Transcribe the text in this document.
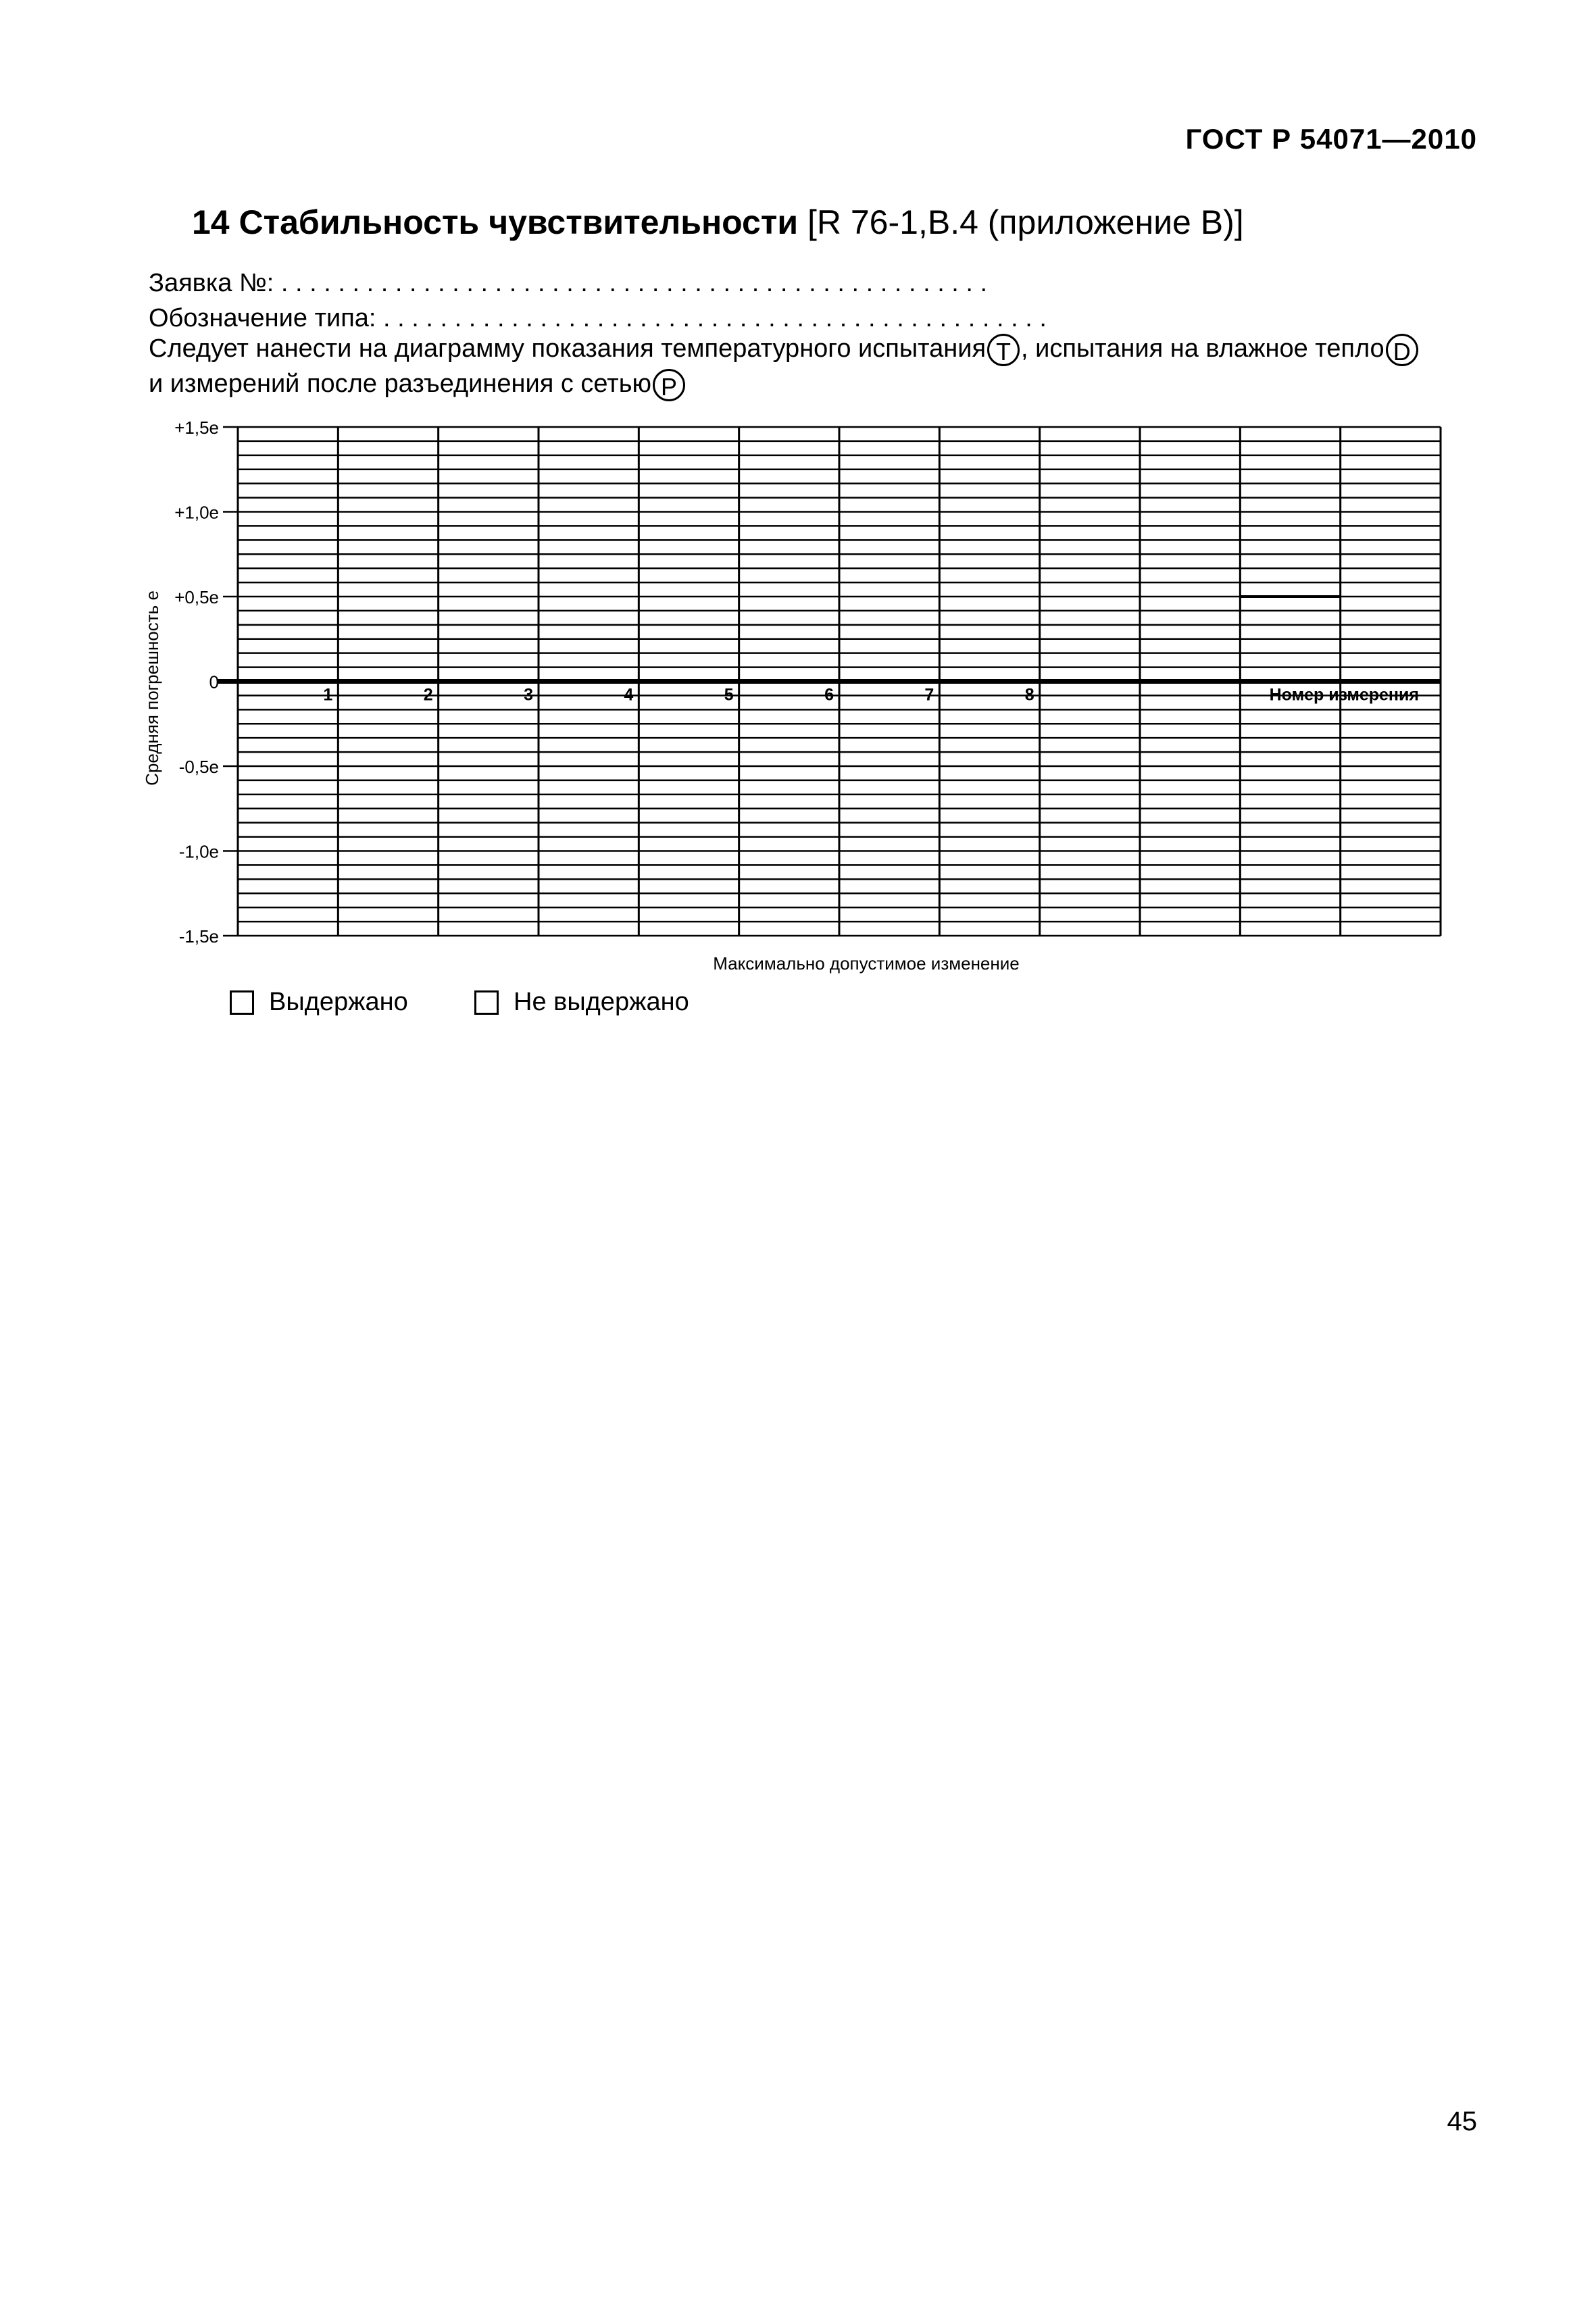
ГОСТ Р 54071—2010
14 Стабильность чувствительности [R 76-1,В.4 (приложение В)]
Заявка №: . . . . . . . . . . . . . . . . . . . . . . . . . . . . . . . . . . . . . . . . . . . . . . . . . .
Обозначение типа: . . . . . . . . . . . . . . . . . . . . . . . . . . . . . . . . . . . . . . . . . . . . . . .
Следует нанести на диаграмму показания температурного испытания T , испытания на влажное тепло D
и измерений после разъединения с сетью P
+1,5е
+1,0е
+0,5е
0
-0,5е
-1,0е
-1,5е
Средняя погрешность е	1	2	3	4	5	6	7	8	Номер измерения
Максимально допустимое изменение
Выдержано	Не выдержано
45
